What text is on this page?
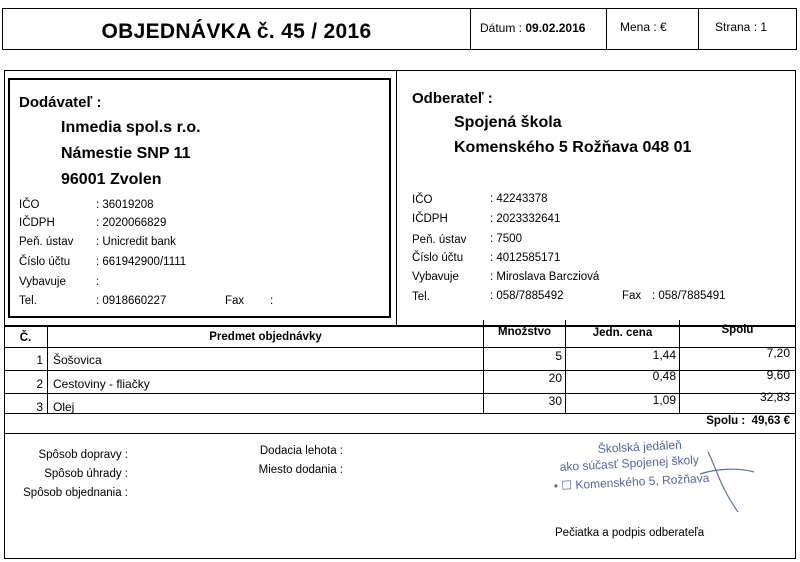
OBJEDNÁVKA č. 45 / 2016	Dátum : 09.02.2016	Mena : €	Strana : 1
Dodávateľ :
Inmedia spol.s r.o.
Námestie SNP 11
96001 Zvolen
IČO	: 36019208
IČDPH	: 2020066829
Peň. ústav : Unicredit bank
Číslo účtu : 661942900/1111
Vybavuje	:
Tel.	: 0918660227	Fax :
Odberateľ :
Spojená škola
Komenského 5 Rožňava 048 01
IČO	: 42243378
IČDPH	: 2023332641
Peň. ústav : 7500
Číslo účtu : 4012585171
Vybavuje	: Miroslava Barcziová
Tel.	: 058/7885492	Fax : 058/7885491
Č.	Predmet objednávky	Množstvo	Jedn. cena	Spolu
1 Šošovica	5	1,44	7,20
2 Cestoviny - fliačky	20	0,48	9,60
3 Olej	30	1,09	32,83
Spolu : 49,63 €
Spôsob dopravy :
Spôsob úhrady :
Spôsob objednania :
Dodacia lehota :
Miesto dodania :
Školská jedáleň
ako súčasť Spojenej školy
• ☐ Komenského 5, Rožňava
Pečiatka a podpis odberateľa
